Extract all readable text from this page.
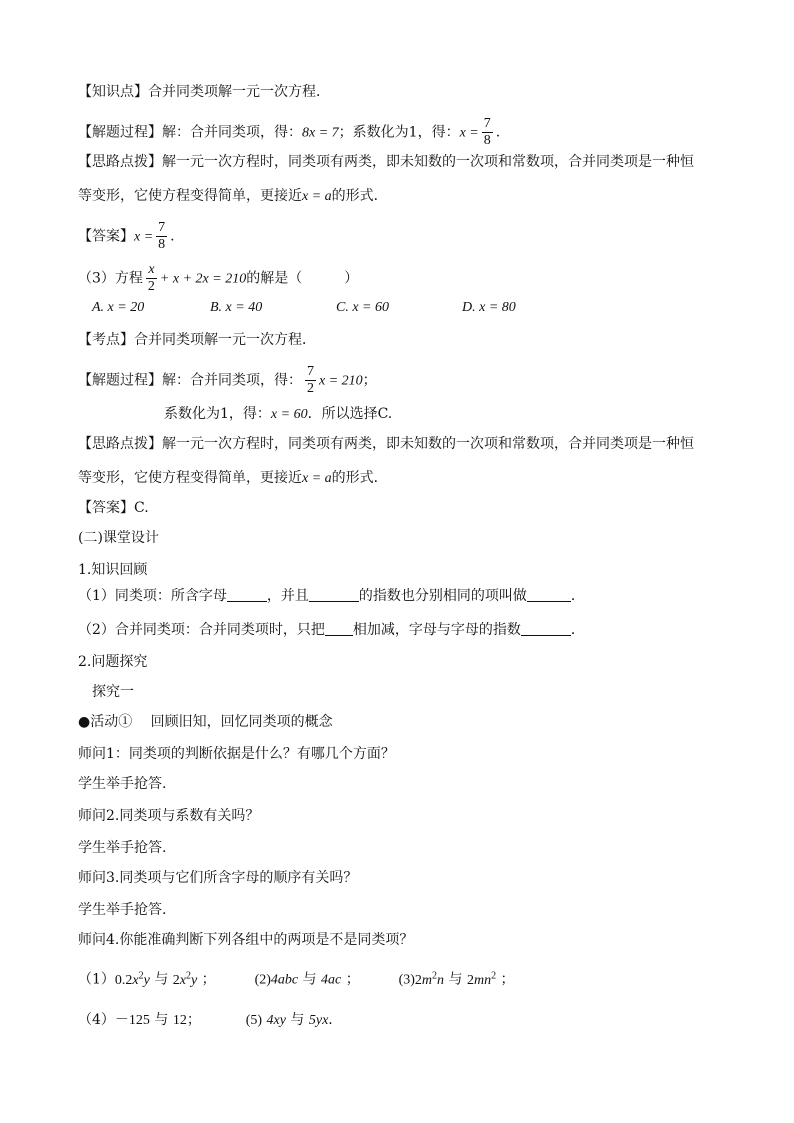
【知识点】合并同类项解一元一次方程．
【解题过程】解：合并同类项，得：8x = 7；系数化为1，得：$x = \frac{7}{8}$ .
【思路点拨】解一元一次方程时，同类项有两类，即未知数的一次项和常数项，合并同类项是一种恒
等变形，它使方程变得简单，更接近x = a的形式．
【答案】$x = \frac{7}{8}$ .
（3）方程 $\frac{x}{2} + x + 2x = 210$的解是（　　　）
A. x = 20	B. x = 40	C. x = 60	D. x = 80
【考点】合并同类项解一元一次方程．
【解题过程】解：合并同类项，得： $\frac{7}{2}$ x = 210；
系数化为1，得：x = 60．所以选择C.
【思路点拨】解一元一次方程时，同类项有两类，即未知数的一次项和常数项，合并同类项是一种恒
等变形，它使方程变得简单，更接近x = a的形式．
【答案】C.
(二)课堂设计
1.知识回顾
（1）同类项：所含字母	，并且	的指数也分别相同的项叫做	．
（2）合并同类项：合并同类项时，只把 相加减，字母与字母的指数	．
2.问题探究
探究一
●活动①　 回顾旧知，回忆同类项的概念
师问1：同类项的判断依据是什么？有哪几个方面？
学生举手抢答.
师问2.同类项与系数有关吗？
学生举手抢答.
师问3.同类项与它们所含字母的顺序有关吗？
学生举手抢答.
师问4.你能准确判断下列各组中的两项是不是同类项？
$(1)0.2x^2y$ 与 $2x^2y$ ；	(2)4abc 与 4ac ；	$(3)2m^2n$ 与 $2mn^2$ ；
（4）－125 与 12；	(5) 4xy 与 5yx.
